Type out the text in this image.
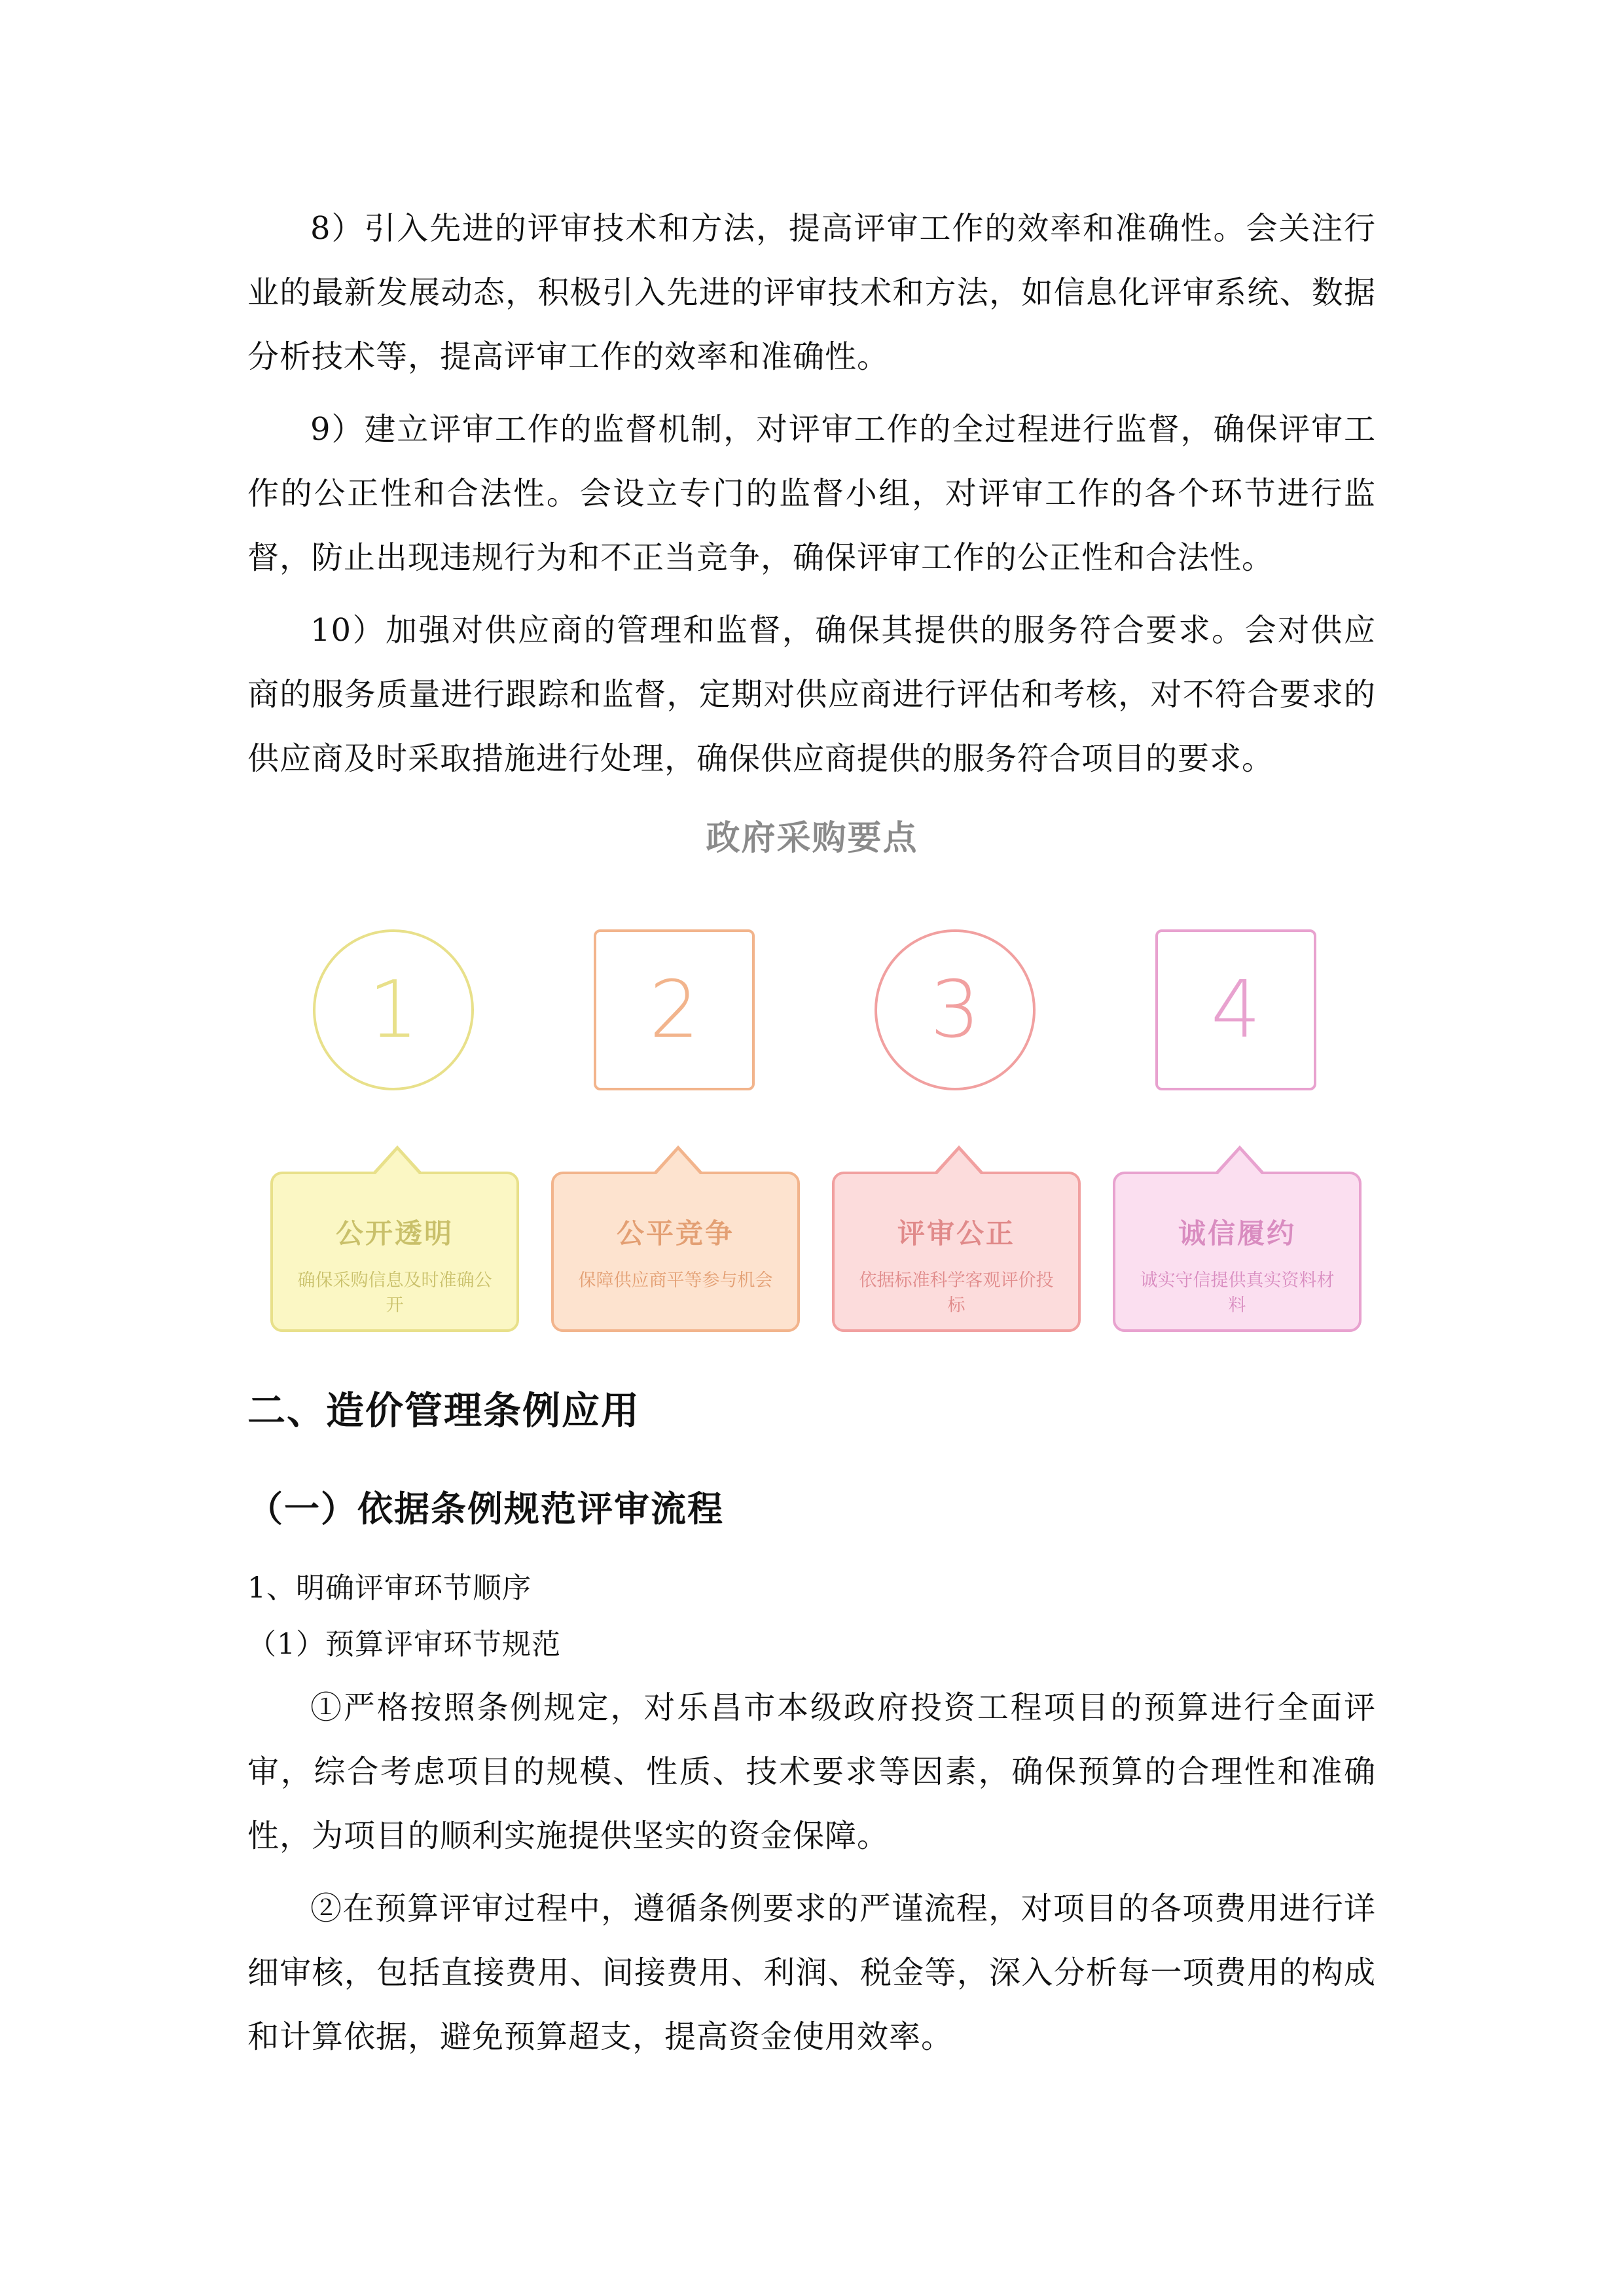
8）引入先进的评审技术和方法，提高评审工作的效率和准确性。会关注行业的最新发展动态，积极引入先进的评审技术和方法，如信息化评审系统、数据分析技术等，提高评审工作的效率和准确性。

9）建立评审工作的监督机制，对评审工作的全过程进行监督，确保评审工作的公正性和合法性。会设立专门的监督小组，对评审工作的各个环节进行监督，防止出现违规行为和不正当竞争，确保评审工作的公正性和合法性。

10）加强对供应商的管理和监督，确保其提供的服务符合要求。会对供应商的服务质量进行跟踪和监督，定期对供应商进行评估和考核，对不符合要求的供应商及时采取措施进行处理，确保供应商提供的服务符合项目的要求。

政府采购要点
1
公开透明
确保采购信息及时准确公开
2
公平竞争
保障供应商平等参与机会
3
评审公正
依据标准科学客观评价投标
4
诚信履约
诚实守信提供真实资料材料
二、造价管理条例应用
（一）依据条例规范评审流程

1、明确评审环节顺序

（1）预算评审环节规范

①严格按照条例规定，对乐昌市本级政府投资工程项目的预算进行全面评审，综合考虑项目的规模、性质、技术要求等因素，确保预算的合理性和准确性，为项目的顺利实施提供坚实的资金保障。

②在预算评审过程中，遵循条例要求的严谨流程，对项目的各项费用进行详细审核，包括直接费用、间接费用、利润、税金等，深入分析每一项费用的构成和计算依据，避免预算超支，提高资金使用效率。
